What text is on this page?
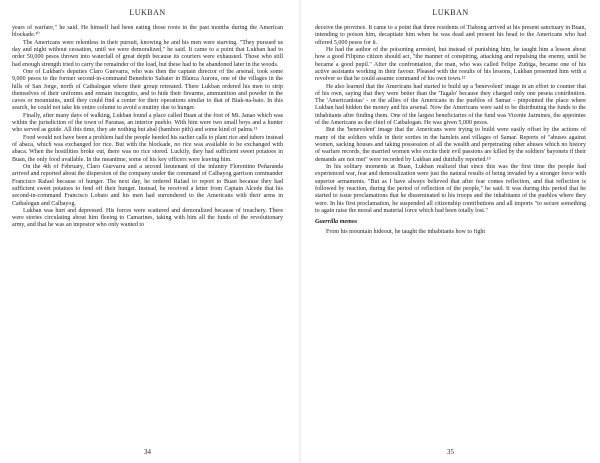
LUKBAN

years of warfare," he said. He himself had been eating those roots in the past months during the American blockade.¹⁰

The Americans were relentless in their pursuit, knowing he and his men were starving. "They pursued us day and night without cessation, until we were demoralized," he said. It came to a point that Lukban had to order 50,000 pesos thrown into waterfall of great depth because its couriers were exhausted. Those who still had enough strength tried to carry the remainder of the load, but these had to be abandoned later in the woods.

One of Lukban's deputies Claro Guevarra, who was then the captain director of the arsenal, took some 9,000 pesos to the former second-in-command Benedicto Sabater in Blanca Aurora, one of the villages in the hills of San Jorge, north of Catbalogan where their group retreated. There Lukban ordered his men to strip themselves of their uniforms and remain incognito, and to hide their firearms, ammunition and powder in the caves or mountains, until they could find a center for their operations similar to that of Biak-na-bato. In this search, he could not take his entire column to avoid a mutiny due to hunger.

Finally, after many days of walking, Lukban found a place called Buan at the foot of Mt. Janao which was within the jurisdiction of the town of Paranas, an interior pueblo. With him were two small boys and a hunter who served as guide. All this time, they ate nothing but abal (bamboo pith) and some kind of palms.¹¹

Food would not have been a problem had the people heeded his earlier calls to plant rice and tubers instead of abaca, which was exchanged for rice. But with the blockade, no rice was available to be exchanged with abaca. When the hostilities broke out, there was no rice stored. Luckily, they had sufficient sweet potatoes in Buan, the only food available. In the meantime, some of his key officers were leaving him.

On the 4th of February, Claro Guevarra and a second lieutenant of the infantry Florentino Peñaranda arrived and reported about the dispersion of the company under the command of Calbayog garrison commander Francisco Rafael because of hunger. The next day, he ordered Rafael to report to Buan because they had sufficient sweet potatoes to fend off their hunger. Instead, he received a letter from Captain Alcede that his second-in-command Francisco Lobato and his men had surrendered to the Americans with their arms in Catbalogan and Calbayog.

Lukban was hurt and depressed. His forces were scattered and demoralized because of treachery. There were stories circulating about him fleeing to Camarines, taking with him all the funds of the revolutionary army, and that he was an impostor who only wanted to

34
LUKBAN

deceive the province. It came to a point that three residents of Tiabong arrived at his present sanctuary in Buan, intending to poison him, decapitate him when he was dead and present his head to the Americans who had offered 5,000 pesos for it.

He had the author of the poisoning arrested, but instead of punishing him, he taught him a lesson about how a good Filipino citizen should act, "the manner of conspiring, attacking and repulsing the enemy, until he became a good pupil." After the confrontation, the man, who was called Felipe Zuñiga, became one of his active assistants working in their favour. Pleased with the results of his lessons, Lukban presented him with a revolver so that he could assume command of his own town.¹²

He also learned that the Americans had started to build up a 'benevolent' image in an effort to counter that of his own, saying that they were better than the 'Tagalo' because they charged only one peseta contribution. The 'Americanistas' - or the allies of the Americans in the pueblos of Samar - pinpointed the place where Lukban had hidden the money and his arsenal. Now the Americans were said to be distributing the funds to the inhabitants after finding them. One of the largest beneficiaries of the fund was Vicente Jazmines, the appointee of the Americans as the chief of Catbalogan. He was given 5,000 pesos.

But the 'benevolent' image that the Americans were trying to build were easily offset by the actions of many of the soldiers while in their sorties in the hamlets and villages of Samar. Reports of "abuses against women, sacking houses and taking possession of all the wealth and perpetrating other abuses which no history of warfare records, the married women who excite their evil passions are killed by the soldiers' bayonets if their demands are not met" were recorded by Lukban and dutifully reported.¹³

In his solitary moments at Buan, Lukban realized that since this was the first time the people had experienced war, fear and demoralization were just the natural results of being invaded by a stronger force with superior armaments. "But as I have always believed that after fear comes reflection, and that reflection is followed by reaction, during the period of reflection of the people," he said. It was during this period that he started to issue proclamations that he disseminated to his troops and the inhabitants of the pueblos where they were. In his first proclamation, he suspended all citizenship contributions and all imports "to secure something to again raise the moral and material force which had been totally lost."

Guerrilla memos

From his mountain hideout, he taught the inhabitants how to fight

35
